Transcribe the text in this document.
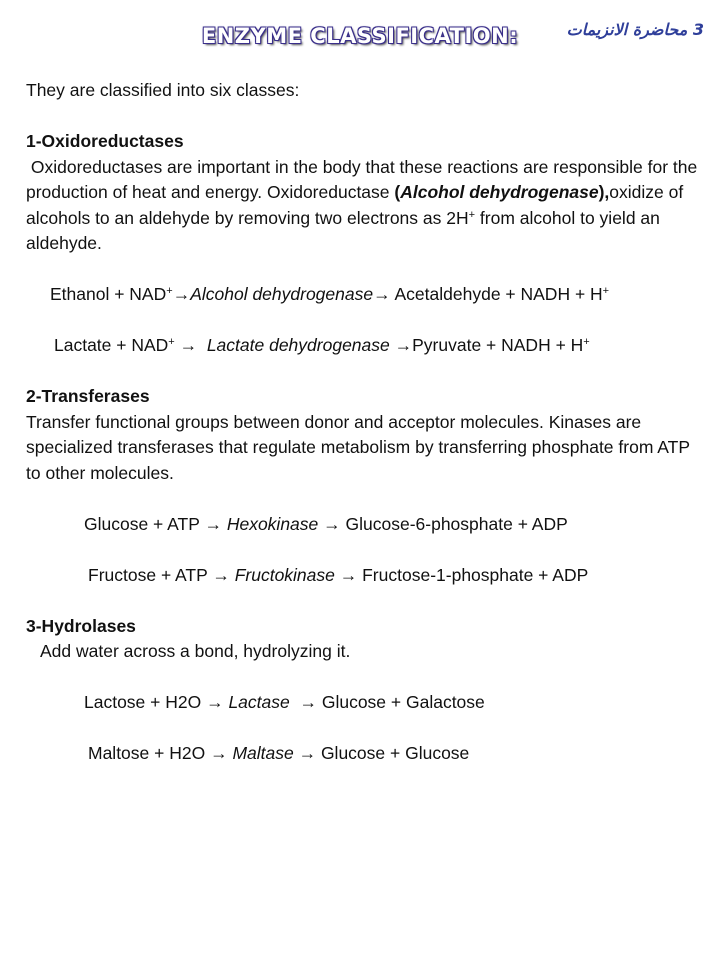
ENZYME CLASSIFICATION:	3 محاضرة الانزيمات

They are classified into six classes:

1-Oxidoreductases

Oxidoreductases are important in the body that these reactions are responsible for the production of heat and energy. Oxidoreductase (Alcohol dehydrogenase),oxidize of alcohols to an aldehyde by removing two electrons as 2H+ from alcohol to yield an aldehyde.

Ethanol + NAD+→Alcohol dehydrogenase→ Acetaldehyde + NADH + H+

Lactate + NAD+ →  Lactate dehydrogenase →Pyruvate + NADH + H+

2-Transferases

Transfer functional groups between donor and acceptor molecules. Kinases are specialized transferases that regulate metabolism by transferring phosphate from ATP to other molecules.

Glucose + ATP → Hexokinase → Glucose-6-phosphate + ADP

Fructose + ATP → Fructokinase → Fructose-1-phosphate + ADP

3-Hydrolases

Add water across a bond, hydrolyzing it.

Lactose + H2O → Lactase  → Glucose + Galactose

Maltose + H2O → Maltase → Glucose + Glucose
